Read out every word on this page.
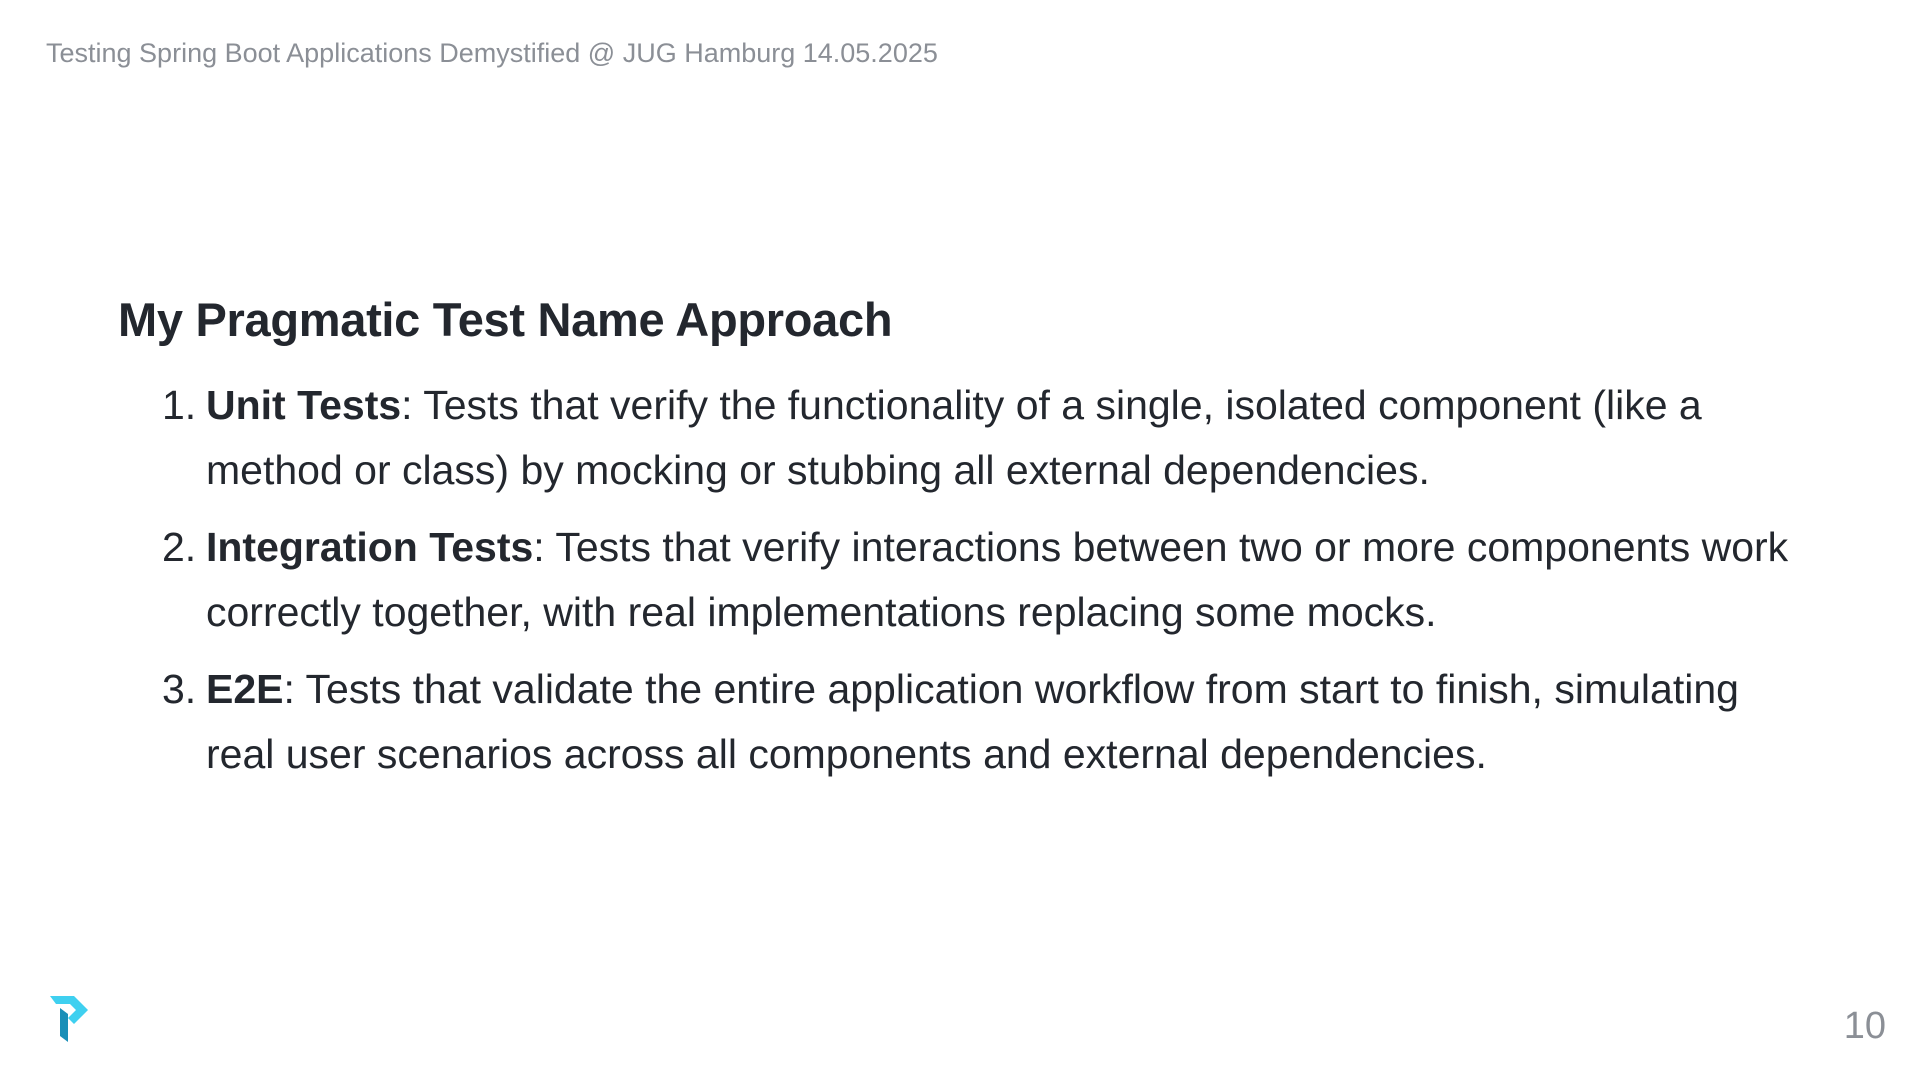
Testing Spring Boot Applications Demystified @ JUG Hamburg 14.05.2025
My Pragmatic Test Name Approach
1. Unit Tests: Tests that verify the functionality of a single, isolated component (like a method or class) by mocking or stubbing all external dependencies.
2. Integration Tests: Tests that verify interactions between two or more components work correctly together, with real implementations replacing some mocks.
3. E2E: Tests that validate the entire application workflow from start to finish, simulating real user scenarios across all components and external dependencies.
10
